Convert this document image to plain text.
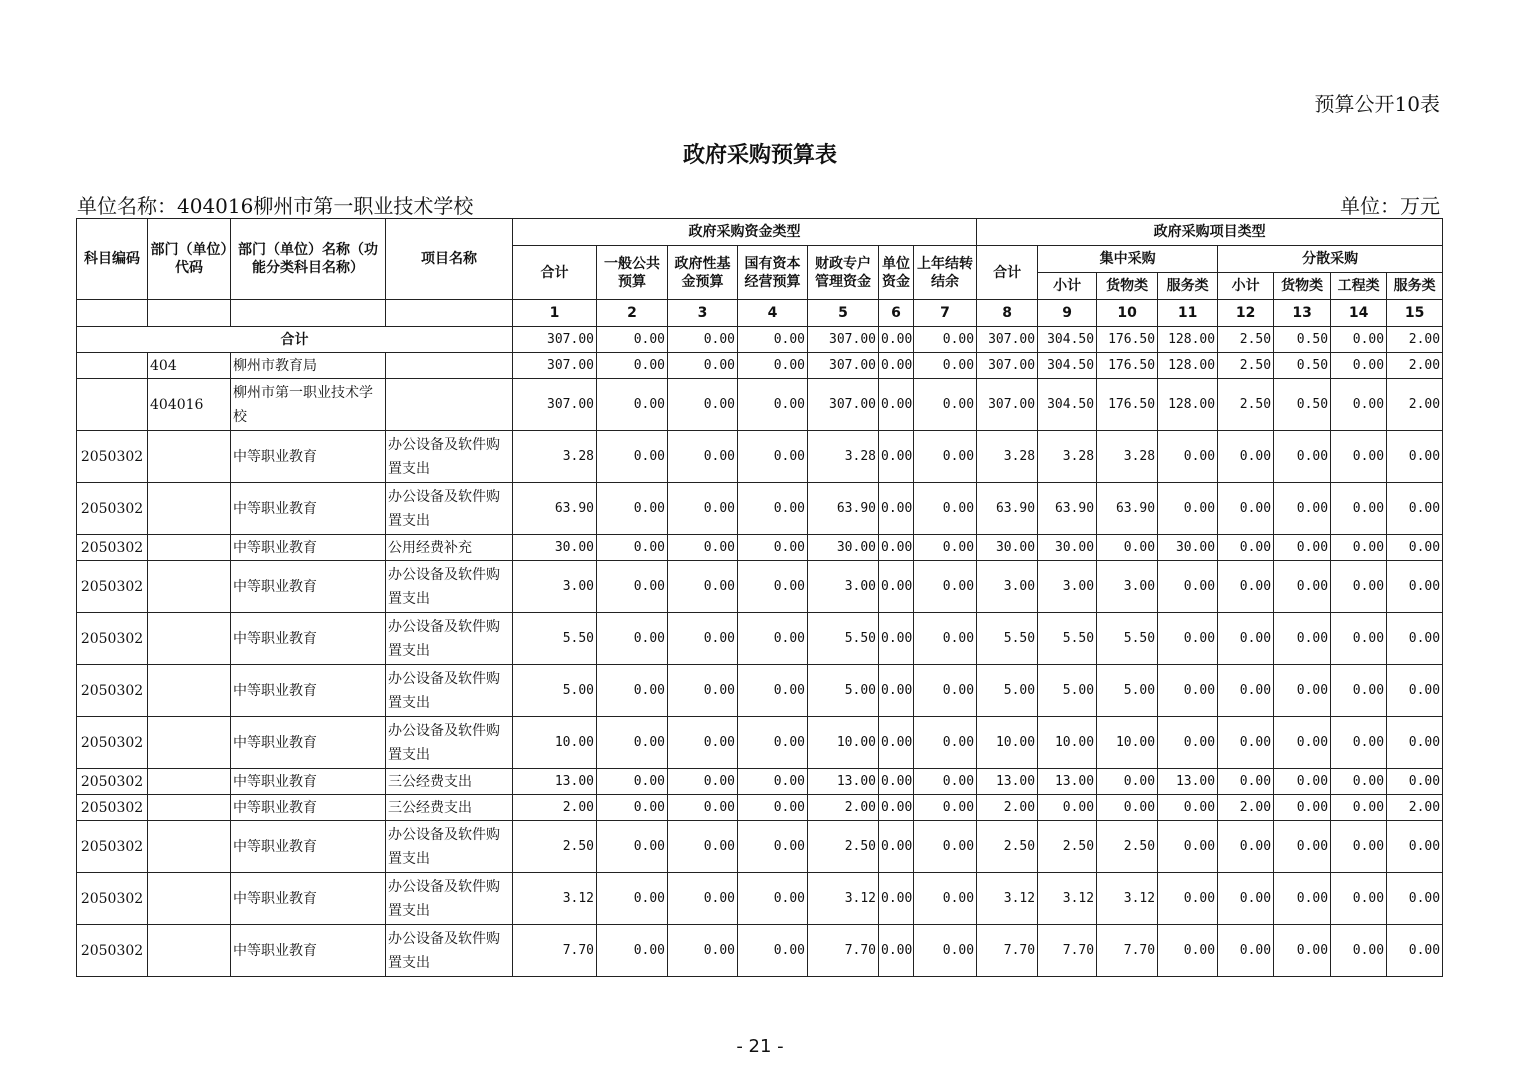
预算公开10表
政府采购预算表
单位名称：404016柳州市第一职业技术学校	单位：万元
科目编码	部门（单位）代码	部门（单位）名称（功能分类科目名称）	项目名称	政府采购资金类型							政府采购项目类型							
				合计	一般公共预算	政府性基金预算	国有资本经营预算	财政专户管理资金	单位资金	上年结转结余	合计	集中采购			分散采购			
												小计	货物类	服务类	小计	货物类	工程类	服务类
				1	2	3	4	5	6	7	8	9	10	11	12	13	14	15
合计				307.00	0.00	0.00	0.00	307.00	0.00	0.00	307.00	304.50	176.50	128.00	2.50	0.50	0.00	2.00
	404	柳州市教育局		307.00	0.00	0.00	0.00	307.00	0.00	0.00	307.00	304.50	176.50	128.00	2.50	0.50	0.00	2.00
	404016	柳州市第一职业技术学校		307.00	0.00	0.00	0.00	307.00	0.00	0.00	307.00	304.50	176.50	128.00	2.50	0.50	0.00	2.00
2050302		中等职业教育	办公设备及软件购置支出	3.28	0.00	0.00	0.00	3.28	0.00	0.00	3.28	3.28	3.28	0.00	0.00	0.00	0.00	0.00
2050302		中等职业教育	办公设备及软件购置支出	63.90	0.00	0.00	0.00	63.90	0.00	0.00	63.90	63.90	63.90	0.00	0.00	0.00	0.00	0.00
2050302		中等职业教育	公用经费补充	30.00	0.00	0.00	0.00	30.00	0.00	0.00	30.00	30.00	0.00	30.00	0.00	0.00	0.00	0.00
2050302		中等职业教育	办公设备及软件购置支出	3.00	0.00	0.00	0.00	3.00	0.00	0.00	3.00	3.00	3.00	0.00	0.00	0.00	0.00	0.00
2050302		中等职业教育	办公设备及软件购置支出	5.50	0.00	0.00	0.00	5.50	0.00	0.00	5.50	5.50	5.50	0.00	0.00	0.00	0.00	0.00
2050302		中等职业教育	办公设备及软件购置支出	5.00	0.00	0.00	0.00	5.00	0.00	0.00	5.00	5.00	5.00	0.00	0.00	0.00	0.00	0.00
2050302		中等职业教育	办公设备及软件购置支出	10.00	0.00	0.00	0.00	10.00	0.00	0.00	10.00	10.00	10.00	0.00	0.00	0.00	0.00	0.00
2050302		中等职业教育	三公经费支出	13.00	0.00	0.00	0.00	13.00	0.00	0.00	13.00	13.00	0.00	13.00	0.00	0.00	0.00	0.00
2050302		中等职业教育	三公经费支出	2.00	0.00	0.00	0.00	2.00	0.00	0.00	2.00	0.00	0.00	0.00	2.00	0.00	0.00	2.00
2050302		中等职业教育	办公设备及软件购置支出	2.50	0.00	0.00	0.00	2.50	0.00	0.00	2.50	2.50	2.50	0.00	0.00	0.00	0.00	0.00
2050302		中等职业教育	办公设备及软件购置支出	3.12	0.00	0.00	0.00	3.12	0.00	0.00	3.12	3.12	3.12	0.00	0.00	0.00	0.00	0.00
2050302		中等职业教育	办公设备及软件购置支出	7.70	0.00	0.00	0.00	7.70	0.00	0.00	7.70	7.70	7.70	0.00	0.00	0.00	0.00	0.00
- 21 -
